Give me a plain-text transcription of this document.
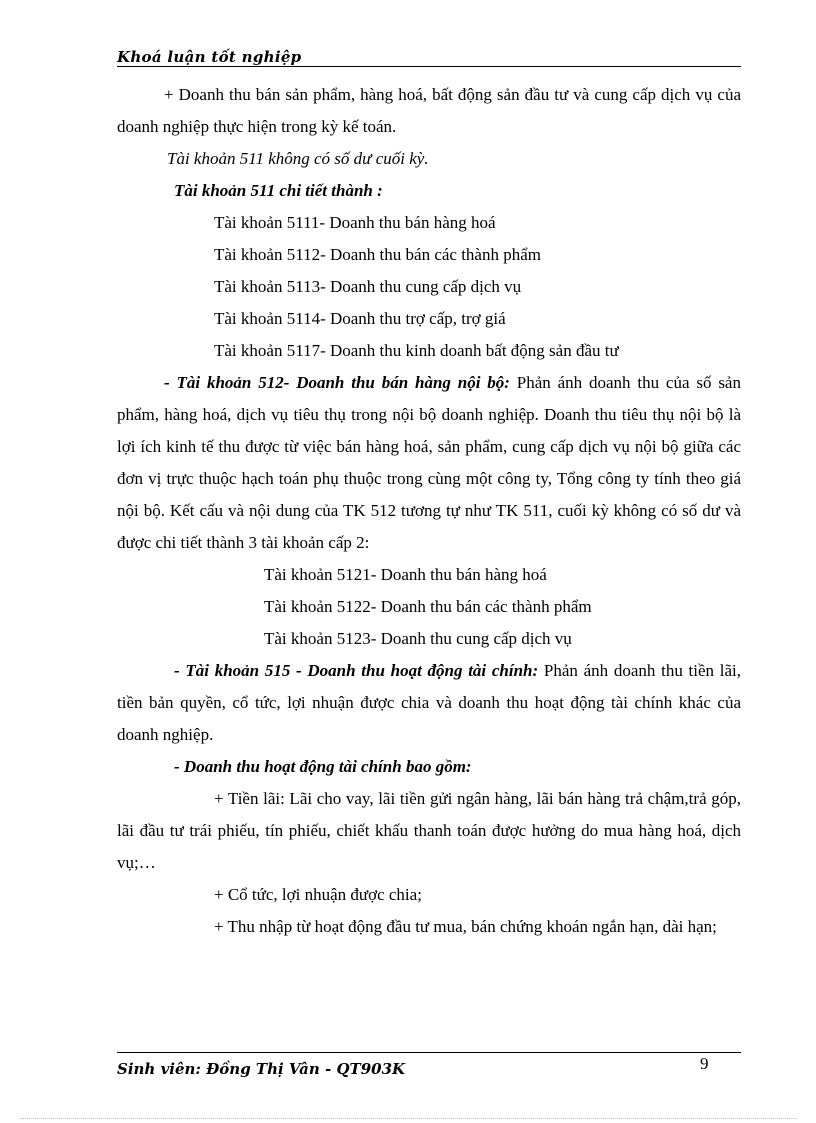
Khoá luận tốt nghiệp

+ Doanh thu bán sản phẩm, hàng hoá, bất động sản đầu tư và cung cấp dịch vụ của doanh nghiệp thực hiện trong kỳ kế toán.

Tài khoản 511 không có số dư cuối kỳ.

Tài khoản 511 chi tiết thành :

Tài khoản 5111- Doanh thu bán hàng hoá

Tài khoản 5112- Doanh thu bán các thành phẩm

Tài khoản 5113- Doanh thu cung cấp dịch vụ

Tài khoản 5114- Doanh thu trợ cấp, trợ giá

Tài khoản 5117- Doanh thu kinh doanh bất động sản đầu tư

- Tài khoản 512- Doanh thu bán hàng nội bộ: Phản ánh doanh thu của số sản phẩm, hàng hoá, dịch vụ tiêu thụ trong nội bộ doanh nghiệp. Doanh thu tiêu thụ nội bộ là lợi ích kinh tế thu được từ việc bán hàng hoá, sản phẩm, cung cấp dịch vụ nội bộ giữa các đơn vị trực thuộc hạch toán phụ thuộc trong cùng một công ty, Tổng công ty tính theo giá nội bộ. Kết cấu và nội dung của TK 512 tương tự như TK 511, cuối kỳ không có số dư và được chi tiết thành 3 tài khoản cấp 2:

Tài khoản 5121- Doanh thu bán hàng hoá

Tài khoản 5122- Doanh thu bán các thành phẩm

Tài khoản 5123- Doanh thu cung cấp dịch vụ

- Tài khoản 515 - Doanh thu hoạt động tài chính: Phản ánh doanh thu tiền lãi, tiền bản quyền, cổ tức, lợi nhuận được chia và doanh thu hoạt động tài chính khác của doanh nghiệp.

- Doanh thu hoạt động tài chính bao gồm:

+ Tiền lãi: Lãi cho vay, lãi tiền gửi ngân hàng, lãi bán hàng trả chậm,trả góp, lãi đầu tư trái phiếu, tín phiếu, chiết khấu thanh toán được hưởng do mua hàng hoá, dịch vụ;…

+ Cổ tức, lợi nhuận được chia;

+ Thu nhập từ hoạt động đầu tư mua, bán chứng khoán ngắn hạn, dài hạn;

Sinh viên: Đồng Thị Vân - QT903K	9
